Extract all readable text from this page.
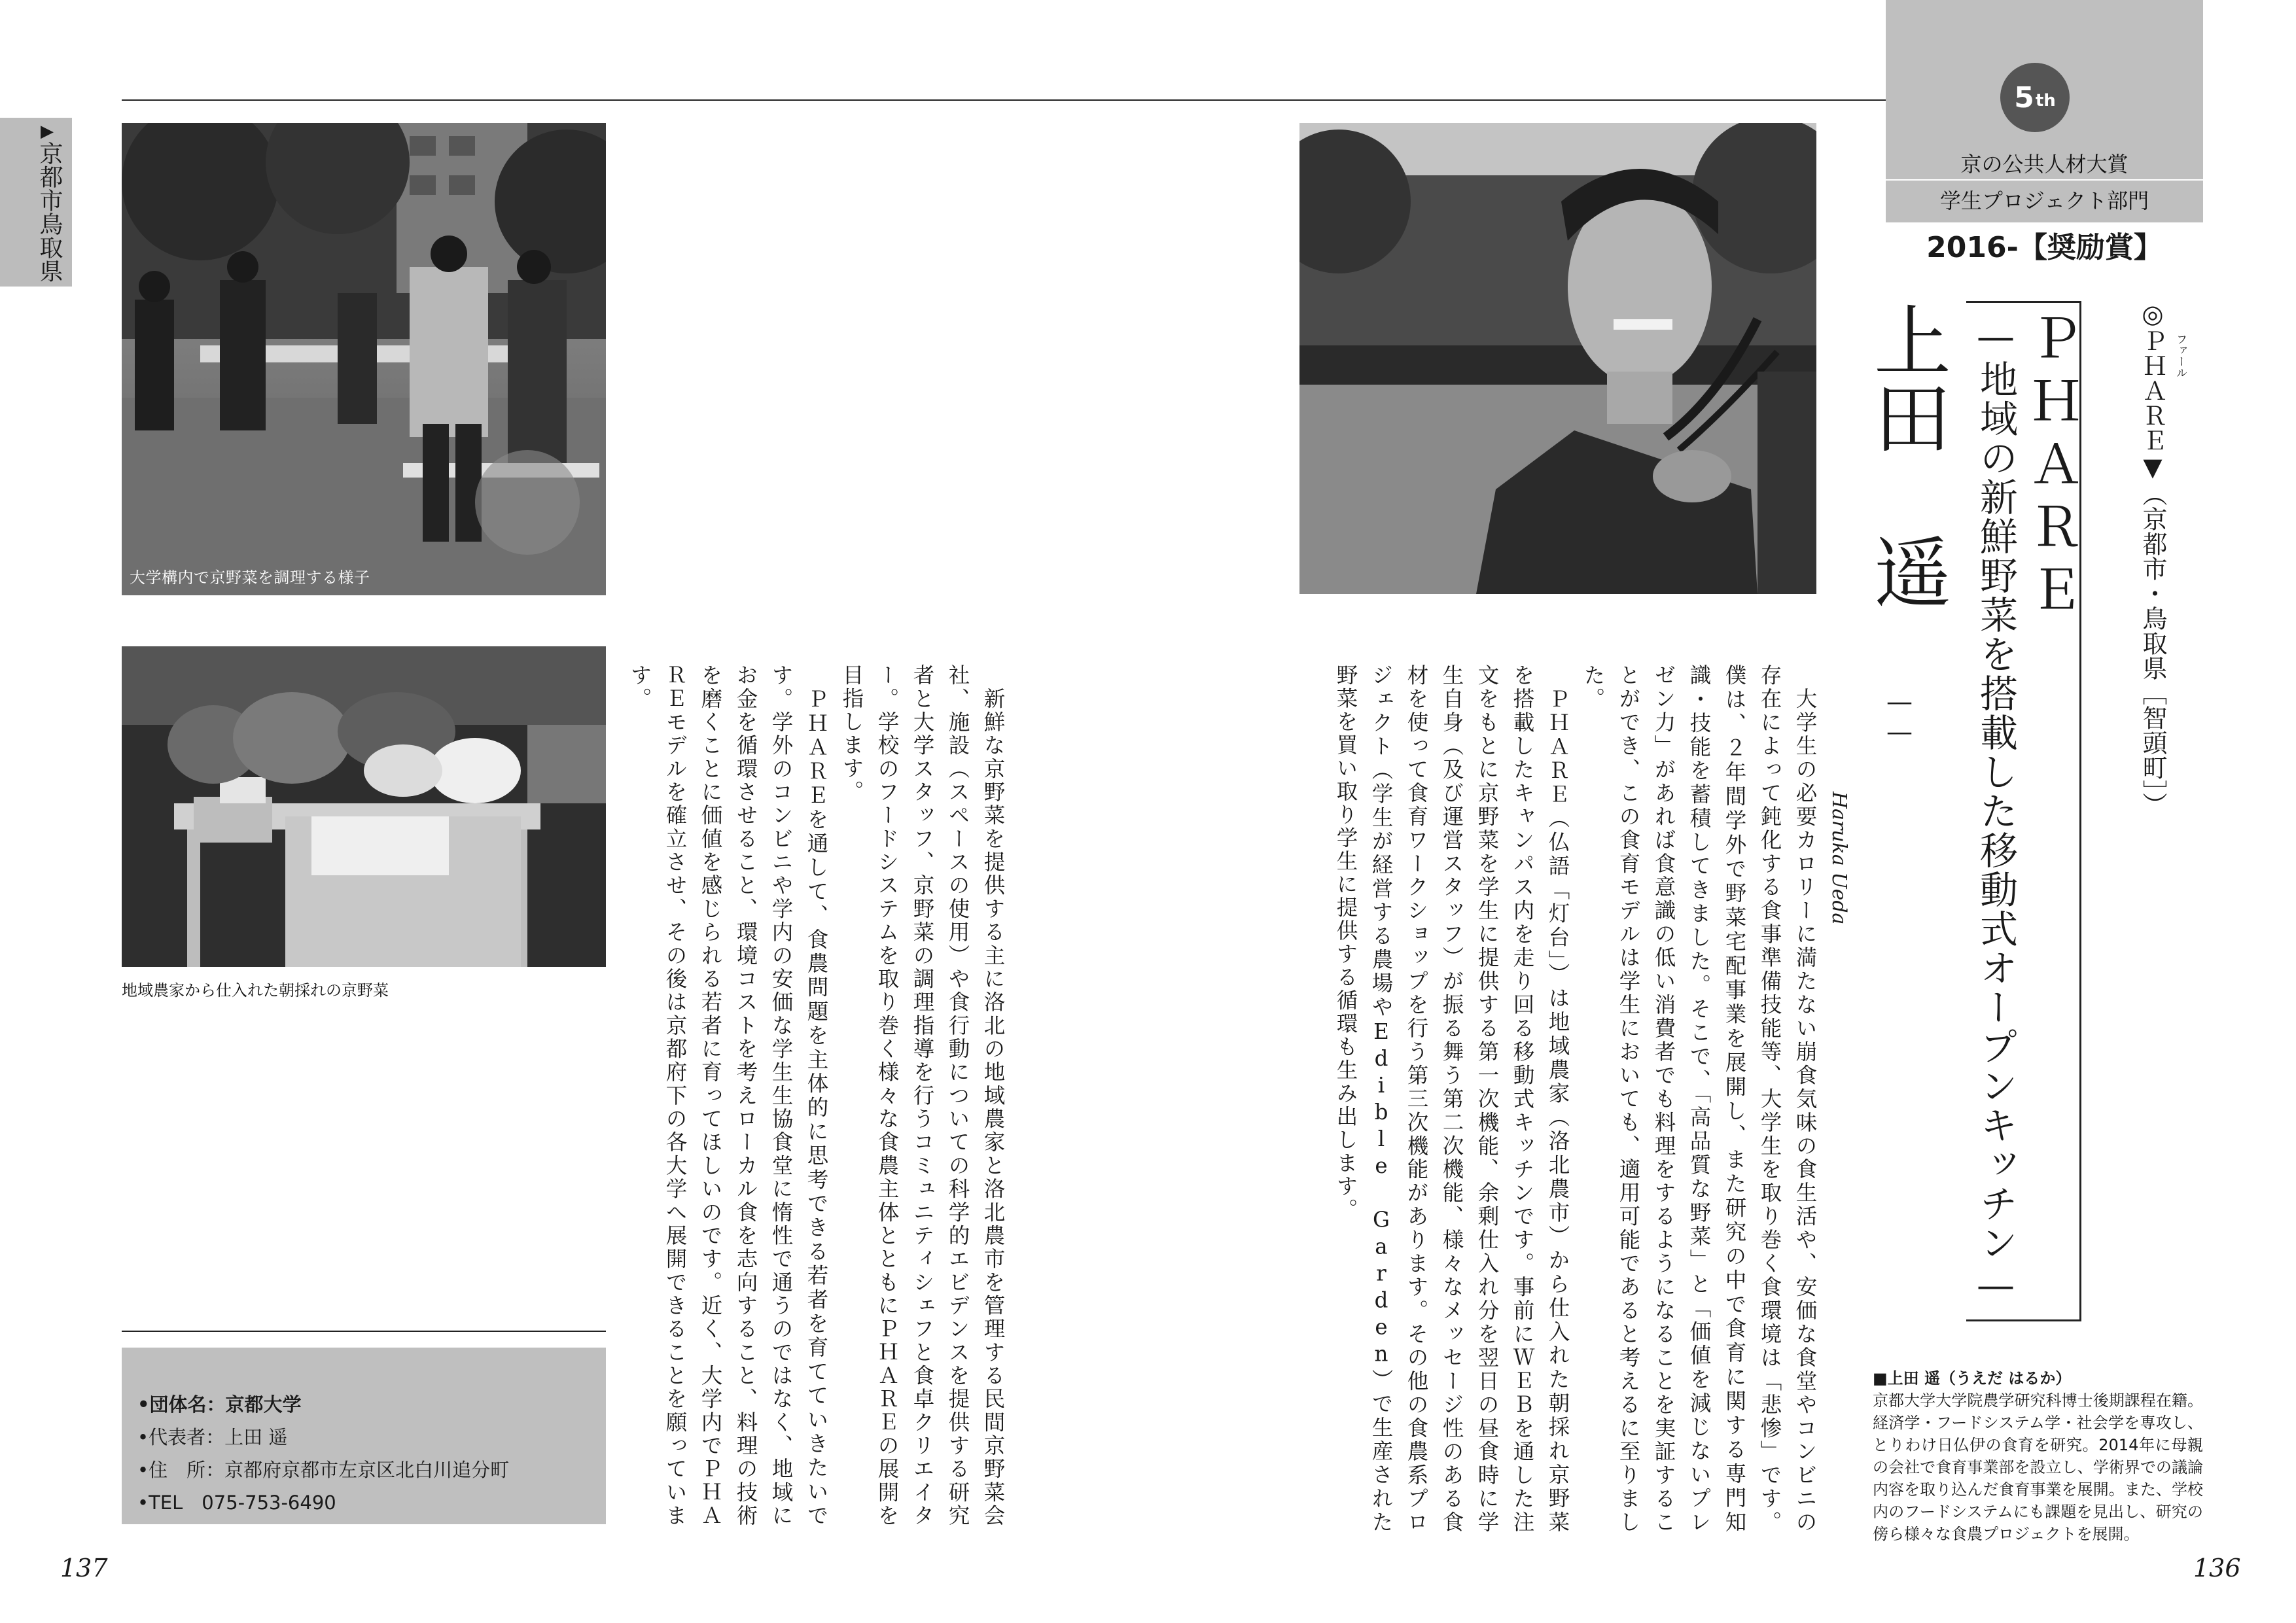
▶
京都市鳥取県
大学構内で京野菜を調理する様子
地域農家から仕入れた朝採れの京野菜	　新鮮な京野菜を提供する主に洛北の地域農家と洛北農市を管理する民間京野菜会社、施設（スペースの使用）や食行動についての科学的エビデンスを提供する研究者と大学スタッフ、京野菜の調理指導を行うコミュニティシェフと食卓クリエイター。学校のフードシステムを取り巻く様々な食農主体とともにＰＨＡＲＥの展開を目指します。

　ＰＨＡＲＥを通して、食農問題を主体的に思考できる若者を育てていきたいです。学外のコンビニや学内の安価な学生生協食堂に惰性で通うのではなく、地域にお金を循環させること、環境コストを考えローカル食を志向すること、料理の技術を磨くことに価値を感じられる若者に育ってほしいのです。近く、大学内でＰＨＡＲＥモデルを確立させ、その後は京都府下の各大学へ展開できることを願っています。

•団体名：京都大学
•代表者：上田 遥
•住　所：京都府京都市左京区北白川追分町
•TEL　075-753-6490	　大学生の必要カロリーに満たない崩食気味の食生活や、安価な食堂やコンビニの存在によって鈍化する食事準備技能等、大学生を取り巻く食環境は「悲惨」です。僕は、２年間学外で野菜宅配事業を展開し、また研究の中で食育に関する専門知識・技能を蓄積してきました。そこで、「高品質な野菜」と「価値を減じないプレゼン力」があれば食意識の低い消費者でも料理をするようになることを実証することができ、この食育モデルは学生においても、適用可能であると考えるに至りました。

　ＰＨＡＲＥ（仏語「灯台」）は地域農家（洛北農市）から仕入れた朝採れ京野菜を搭載したキャンパス内を走り回る移動式キッチンです。事前にＷＥＢを通した注文をもとに京野菜を学生に提供する第一次機能、余剰仕入れ分を翌日の昼食時に学生自身（及び運営スタッフ）が振る舞う第二次機能、様々なメッセージ性のある食材を使って食育ワークショップを行う第三次機能があります。その他の食農系プロジェクト（学生が経営する農場やEdible Garden）で生産された野菜を買い取り学生に提供する循環も生み出します。

上田　遥
——
Haruka Ueda
ＰＨＡＲＥ
—地域の新鮮野菜を搭載した移動式オープンキッチン—	◎ＰＨＡＲＥ▼（京都市・鳥取県［智頭町］）
ファール
5 th
京の公共人材大賞
学生プロジェクト部門
2016-【奨励賞】
■上田 遥（うえだ はるか）
京都大学大学院農学研究科博士後期課程在籍。経済学・フードシステム学・社会学を専攻し、とりわけ日仏伊の食育を研究。2014年に母親の会社で食育事業部を設立し、学術界での議論内容を取り込んだ食育事業を展開。また、学校内のフードシステムにも課題を見出し、研究の傍ら様々な食農プロジェクトを展開。
137	136
